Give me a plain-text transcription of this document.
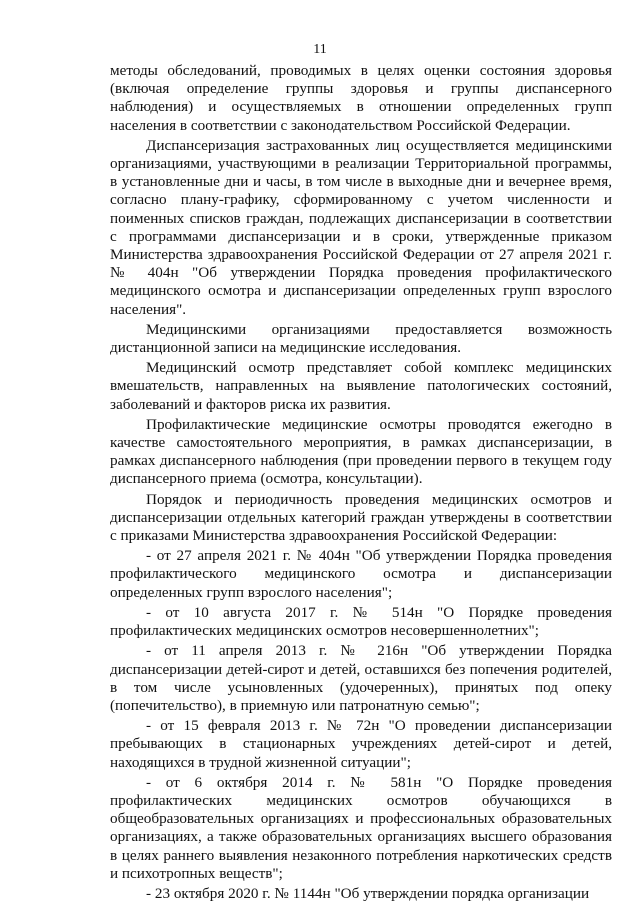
11

методы обследований, проводимых в целях оценки состояния здоровья (включая определение группы здоровья и группы диспансерного наблюдения) и осуществляемых в отношении определенных групп населения в соответствии с законодательством Российской Федерации.

Диспансеризация застрахованных лиц осуществляется медицинскими организациями, участвующими в реализации Территориальной программы, в установленные дни и часы, в том числе в выходные дни и вечернее время, согласно плану-графику, сформированному с учетом численности и поименных списков граждан, подлежащих диспансеризации в соответствии с программами диспансеризации и в сроки, утвержденные приказом Министерства здравоохранения Российской Федерации от 27 апреля 2021 г. № 404н "Об утверждении Порядка проведения профилактического медицинского осмотра и диспансеризации определенных групп взрослого населения".

Медицинскими организациями предоставляется возможность дистанционной записи на медицинские исследования.

Медицинский осмотр представляет собой комплекс медицинских вмешательств, направленных на выявление патологических состояний, заболеваний и факторов риска их развития.

Профилактические медицинские осмотры проводятся ежегодно в качестве самостоятельного мероприятия, в рамках диспансеризации, в рамках диспансерного наблюдения (при проведении первого в текущем году диспансерного приема (осмотра, консультации).

Порядок и периодичность проведения медицинских осмотров и диспансеризации отдельных категорий граждан утверждены в соответствии с приказами Министерства здравоохранения Российской Федерации:

- от 27 апреля 2021 г. № 404н "Об утверждении Порядка проведения профилактического медицинского осмотра и диспансеризации определенных групп взрослого населения";

- от 10 августа 2017 г. № 514н "О Порядке проведения профилактических медицинских осмотров несовершеннолетних";

- от 11 апреля 2013 г. № 216н "Об утверждении Порядка диспансеризации детей-сирот и детей, оставшихся без попечения родителей, в том числе усыновленных (удочеренных), принятых под опеку (попечительство), в приемную или патронатную семью";

- от 15 февраля 2013 г. № 72н "О проведении диспансеризации пребывающих в стационарных учреждениях детей-сирот и детей, находящихся в трудной жизненной ситуации";

- от 6 октября 2014 г. № 581н "О Порядке проведения профилактических медицинских осмотров обучающихся в общеобразовательных организациях и профессиональных образовательных организациях, а также образовательных организациях высшего образования в целях раннего выявления незаконного потребления наркотических средств и психотропных веществ";

- 23 октября 2020 г. № 1144н "Об утверждении порядка организации
